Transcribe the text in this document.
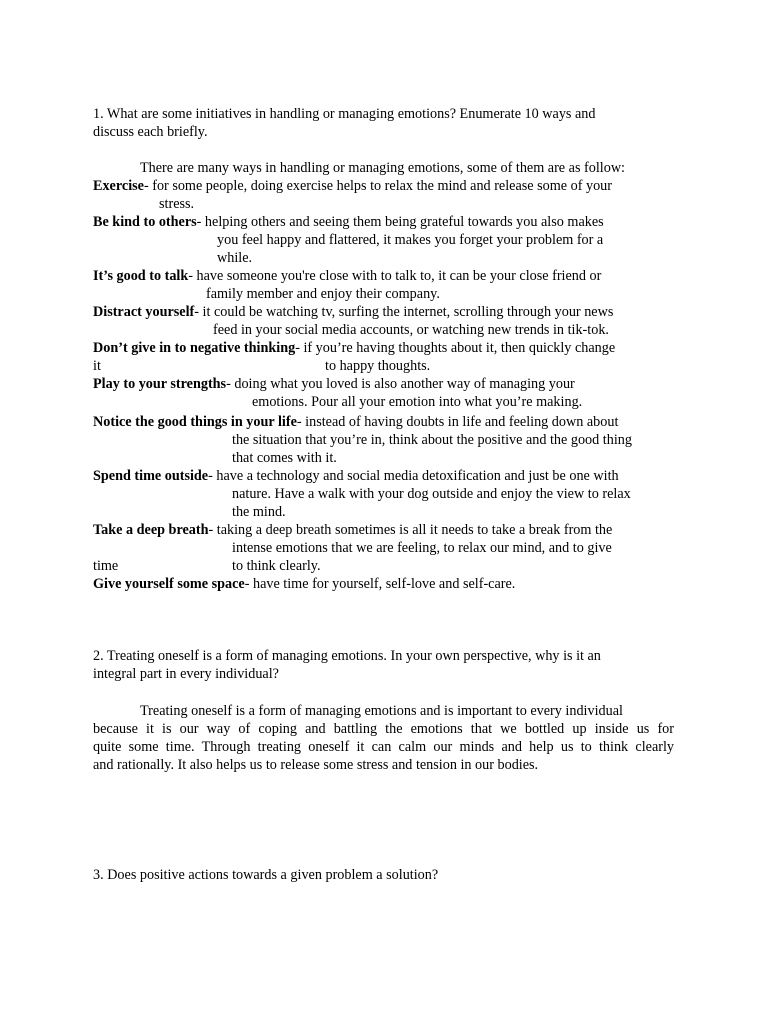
1. What are some initiatives in handling or managing emotions? Enumerate 10 ways and
discuss each briefly.
There are many ways in handling or managing emotions, some of them are as follow:
Exercise- for some people, doing exercise helps to relax the mind and release some of your
stress.
Be kind to others- helping others and seeing them being grateful towards you also makes
you feel happy and flattered, it makes you forget your problem for a
while.
It’s good to talk- have someone you're close with to talk to, it can be your close friend or
family member and enjoy their company.
Distract yourself- it could be watching tv, surfing the internet, scrolling through your news
feed in your social media accounts, or watching new trends in tik-tok.
Don’t give in to negative thinking- if you’re having thoughts about it, then quickly change
it	to happy thoughts.
Play to your strengths- doing what you loved is also another way of managing your
emotions. Pour all your emotion into what you’re making.
Notice the good things in your life- instead of having doubts in life and feeling down about
the situation that you’re in, think about the positive and the good thing
that comes with it.
Spend time outside- have a technology and social media detoxification and just be one with
nature. Have a walk with your dog outside and enjoy the view to relax
the mind.
Take a deep breath- taking a deep breath sometimes is all it needs to take a break from the
intense emotions that we are feeling, to relax our mind, and to give
time	to think clearly.
Give yourself some space- have time for yourself, self-love and self-care.
2. Treating oneself is a form of managing emotions. In your own perspective, why is it an
integral part in every individual?
Treating oneself is a form of managing emotions and is important to every individual
because it is our way of coping and battling the emotions that we bottled up inside us for
quite some time. Through treating oneself it can calm our minds and help us to think clearly
and rationally. It also helps us to release some stress and tension in our bodies.
3. Does positive actions towards a given problem a solution?
